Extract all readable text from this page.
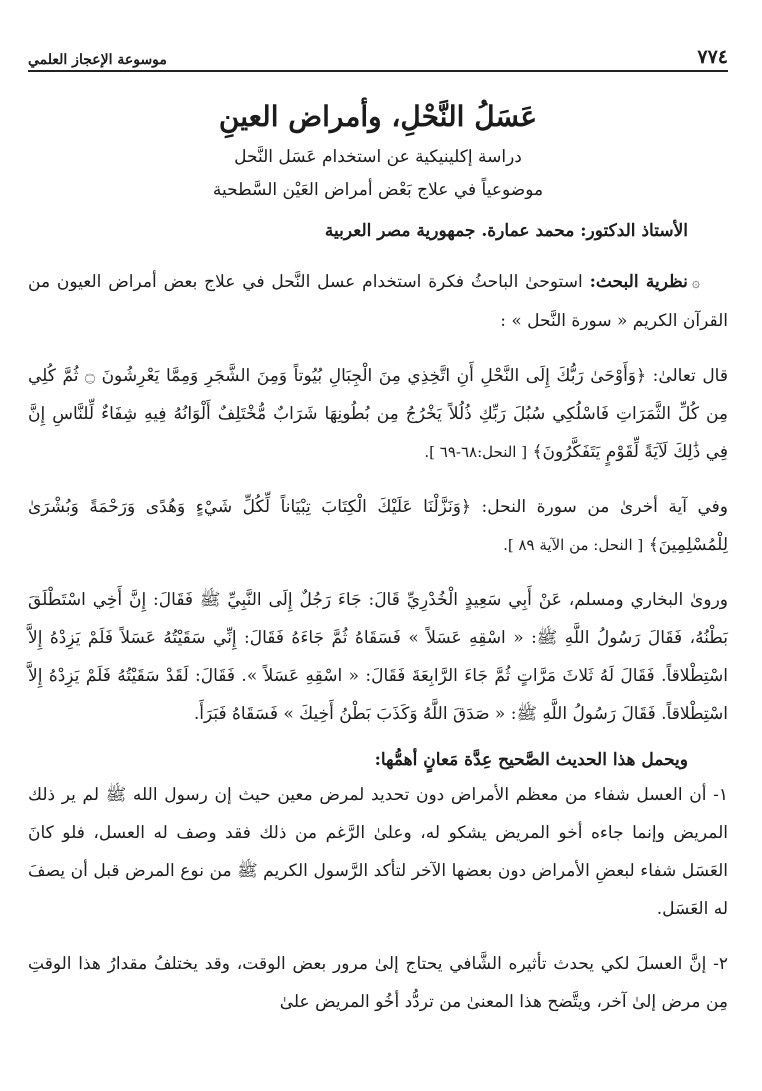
٧٧٤
موسوعة الإعجاز العلمي
عَسَلُ النَّحْلِ، وأمراض العينِ
دراسة إكلينيكية عن استخدام عَسَل النَّحل
موضوعياً في علاج بَعْض أمراض العَيْن السَّطحية
الأستاذ الدكتور: محمد عمارة. جمهورية مصر العربية

۞نظرية البحث: استوحىٰ الباحثُ فكرة استخدام عسل النَّحل في علاج بعض أمراض العيون من القرآن الكريم « سورة النَّحل » :

قال تعالىٰ: ﴿وَأَوْحَىٰ رَبُّكَ إِلَى النَّحْلِ أَنِ اتَّخِذِي مِنَ الْجِبَالِ بُيُوتاً وَمِنَ الشَّجَرِ وَمِمَّا يَعْرِشُونَ ۝ ثُمَّ كُلِي مِن كُلِّ الثَّمَرَاتِ فَاسْلُكِي سُبُلَ رَبِّكِ ذُلُلاً يَخْرُجُ مِن بُطُونِهَا شَرَابٌ مُّخْتَلِفٌ أَلْوَانُهُ فِيهِ شِفَاءٌ لِّلنَّاسِ إِنَّ فِي ذَٰلِكَ لَآيَةً لِّقَوْمٍ يَتَفَكَّرُونَ﴾ [ النحل:٦٨-٦٩ ].

وفي آية أخرىٰ من سورة النحل: ﴿وَنَزَّلْنَا عَلَيْكَ الْكِتَابَ تِبْيَاناً لِّكُلِّ شَيْءٍ وَهُدًى وَرَحْمَةً وَبُشْرَىٰ لِلْمُسْلِمِينَ﴾ [ النحل: من الآية ٨٩ ].

وروىٰ البخاري ومسلم، عَنْ أَبِي سَعِيدٍ الْخُدْرِيِّ قَالَ: جَاءَ رَجُلٌ إِلَى النَّبِيِّ ﷺ فَقَالَ: إِنَّ أَخِي اسْتَطْلَقَ بَطْنُهُ، فَقَالَ رَسُولُ اللَّهِ ﷺ: « اسْقِهِ عَسَلاً » فَسَقَاهُ ثُمَّ جَاءَهُ فَقَالَ: إِنِّي سَقَيْتُهُ عَسَلاً فَلَمْ يَزِدْهُ إِلاَّ اسْتِطْلاقاً. فَقَالَ لَهُ ثَلاثَ مَرَّاتٍ ثُمَّ جَاءَ الرَّابِعَةَ فَقَالَ: « اسْقِهِ عَسَلاً ». فَقَالَ: لَقَدْ سَقَيْتُهُ فَلَمْ يَزِدْهُ إِلاَّ اسْتِطْلاقاً. فَقَالَ رَسُولُ اللَّهِ ﷺ: « صَدَقَ اللَّهُ وَكَذَبَ بَطْنُ أَخِيكَ » فَسَقَاهُ فَبَرَأَ.

ويحمل هذا الحديث الصَّحيح عِدَّة مَعانٍ أهمُّها:

١- أن العسل شفاء من معظم الأمراض دون تحديد لمرض معين حيث إن رسول الله ﷺ لم ير ذلك المريض وإنما جاءه أخو المريض يشكو له، وعلىٰ الرَّغم من ذلك فقد وصف له العسل، فلو كانَ العَسَل شفاء لبعضِ الأمراض دون بعضها الآخر لتأكد الرَّسول الكريم ﷺ من نوع المرض قبل أن يصفَ له العَسَل.

٢- إنَّ العسلَ لكي يحدث تأثيره الشَّافي يحتاج إلىٰ مرور بعض الوقت، وقد يختلفُ مقدارُ هذا الوقتِ مِن مرض إلىٰ آخر، ويتَّضح هذا المعنىٰ من تردُّد أخُو المريض علىٰ
